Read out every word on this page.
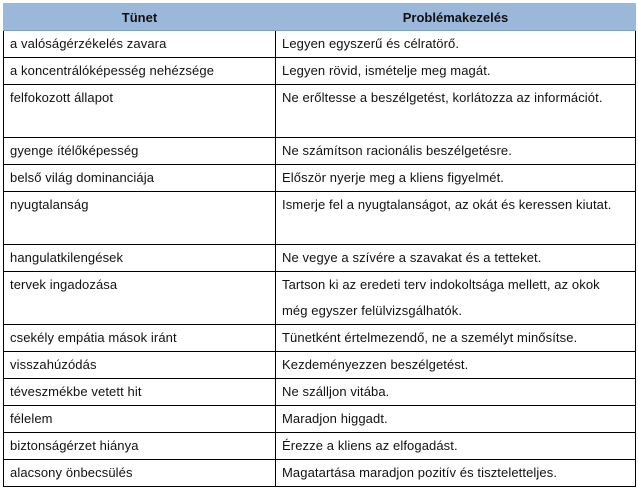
Tünet	Problémakezelés

a valóságérzékelés zavara	Legyen egyszerű és célratörő.

a koncentrálóképesség nehézsége	Legyen rövid, ismételje meg magát.

felfokozott állapot	Ne erőltesse a beszélgetést, korlátozza az információt.

gyenge ítélőképesség	Ne számítson racionális beszélgetésre.

belső világ dominanciája	Először nyerje meg a kliens figyelmét.

nyugtalanság	Ismerje fel a nyugtalanságot, az okát és keressen kiutat.

hangulatkilengések	Ne vegye a szívére a szavakat és a tetteket.

tervek ingadozása	Tartson ki az eredeti terv indokoltsága mellett, az okok még egyszer felülvizsgálhatók.

csekély empátia mások iránt	Tünetként értelmezendő, ne a személyt minősítse.

visszahúzódás	Kezdeményezzen beszélgetést.

téveszmékbe vetett hit	Ne szálljon vitába.

félelem	Maradjon higgadt.

biztonságérzet hiánya	Érezze a kliens az elfogadást.

alacsony önbecsülés	Magatartása maradjon pozitív és tiszteletteljes.
